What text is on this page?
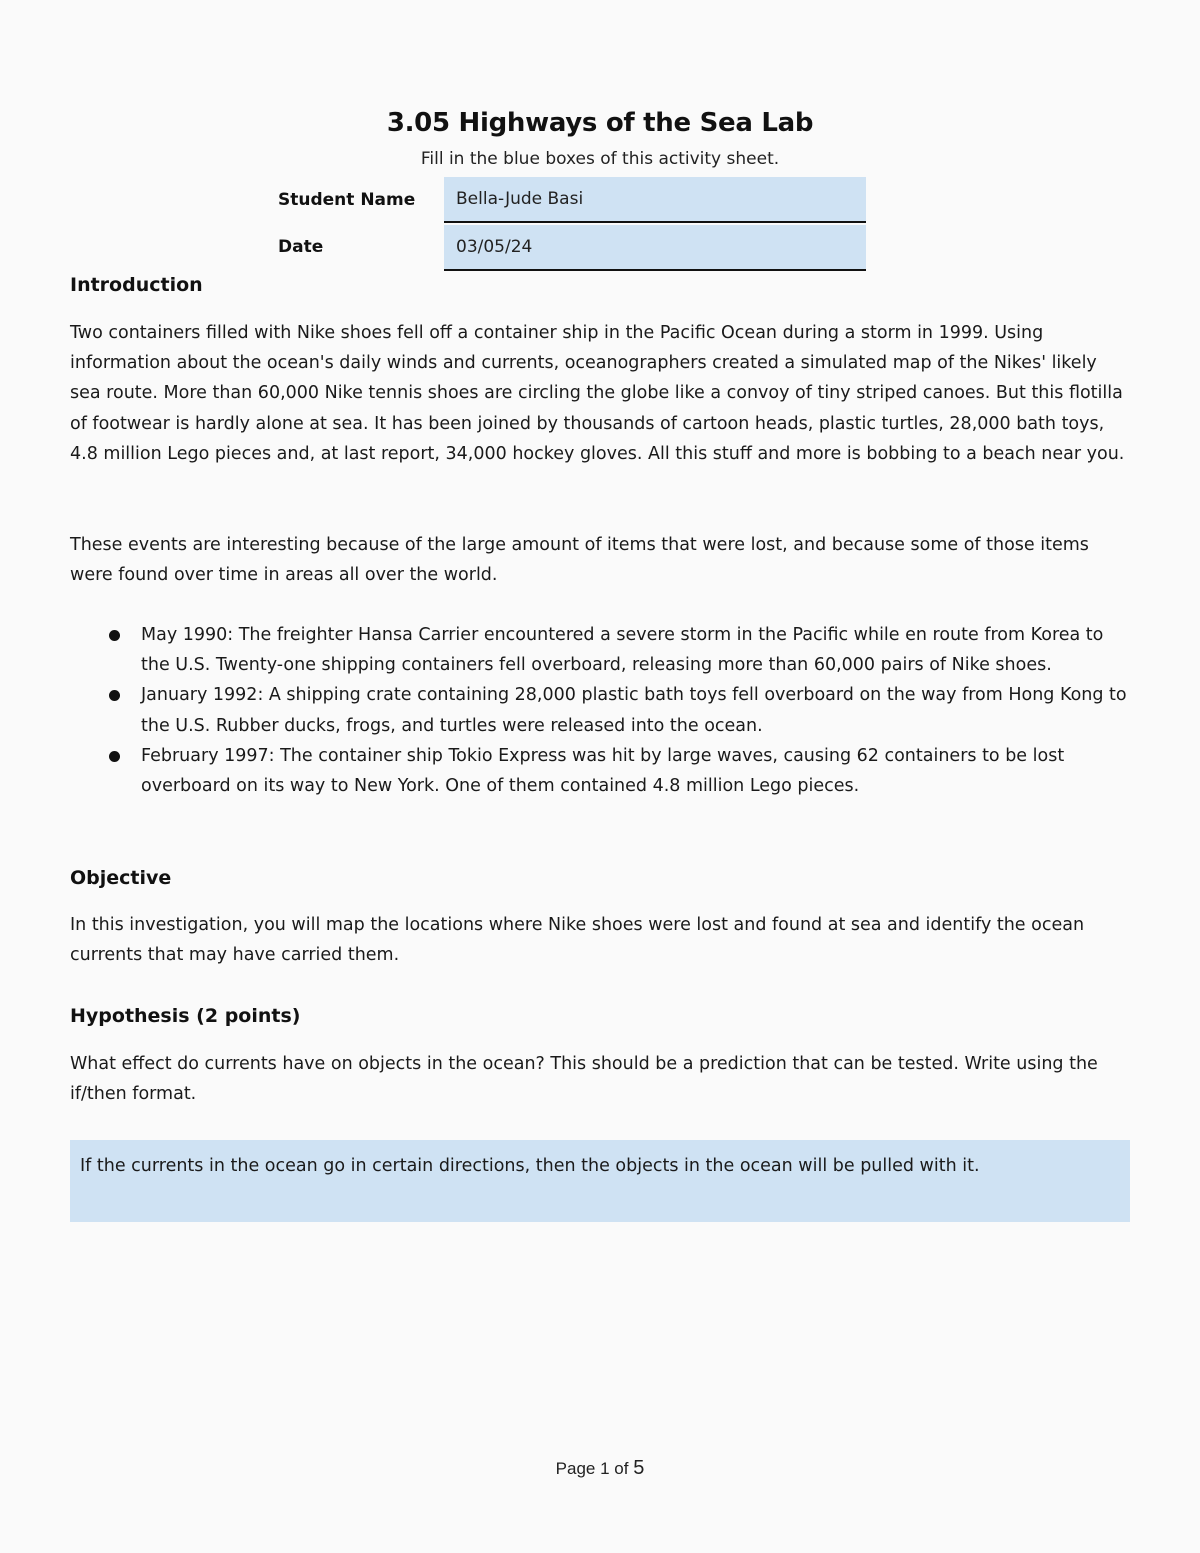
3.05 Highways of the Sea Lab
Fill in the blue boxes of this activity sheet.
Student Name	Bella-Jude Basi
Date	03/05/24
Introduction
Two containers filled with Nike shoes fell off a container ship in the Pacific Ocean during a storm in 1999. Using information about the ocean's daily winds and currents, oceanographers created a simulated map of the Nikes' likely sea route. More than 60,000 Nike tennis shoes are circling the globe like a convoy of tiny striped canoes. But this flotilla of footwear is hardly alone at sea. It has been joined by thousands of cartoon heads, plastic turtles, 28,000 bath toys, 4.8 million Lego pieces and, at last report, 34,000 hockey gloves. All this stuff and more is bobbing to a beach near you.
These events are interesting because of the large amount of items that were lost, and because some of those items were found over time in areas all over the world.
May 1990: The freighter Hansa Carrier encountered a severe storm in the Pacific while en route from Korea to the U.S. Twenty-one shipping containers fell overboard, releasing more than 60,000 pairs of Nike shoes.
January 1992: A shipping crate containing 28,000 plastic bath toys fell overboard on the way from Hong Kong to the U.S. Rubber ducks, frogs, and turtles were released into the ocean.
February 1997: The container ship Tokio Express was hit by large waves, causing 62 containers to be lost overboard on its way to New York. One of them contained 4.8 million Lego pieces.
Objective
In this investigation, you will map the locations where Nike shoes were lost and found at sea and identify the ocean currents that may have carried them.
Hypothesis (2 points)
What effect do currents have on objects in the ocean? This should be a prediction that can be tested. Write using the if/then format.
If the currents in the ocean go in certain directions, then the objects in the ocean will be pulled with it.
Page 1 of 5
